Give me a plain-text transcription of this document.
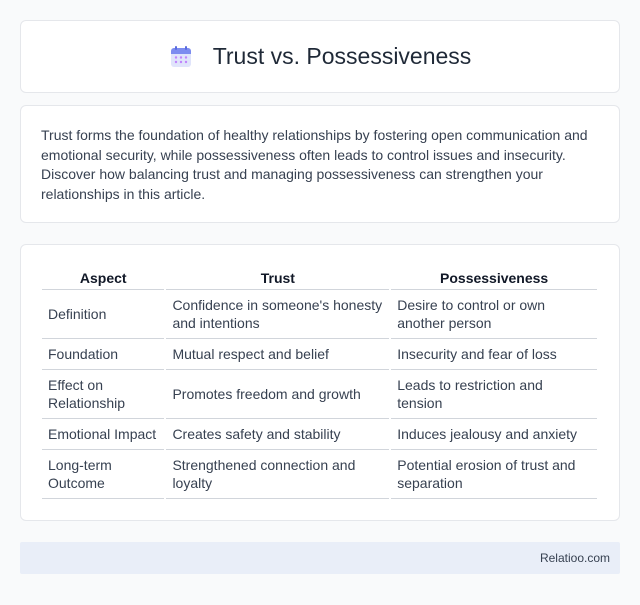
Trust vs. Possessiveness

Trust forms the foundation of healthy relationships by fostering open communication and emotional security, while possessiveness often leads to control issues and insecurity. Discover how balancing trust and managing possessiveness can strengthen your relationships in this article.

Aspect	Trust	Possessiveness
Definition	Confidence in someone's honesty and intentions	Desire to control or own another person
Foundation	Mutual respect and belief	Insecurity and fear of loss
Effect on Relationship	Promotes freedom and growth	Leads to restriction and tension
Emotional Impact	Creates safety and stability	Induces jealousy and anxiety
Long-term Outcome	Strengthened connection and loyalty	Potential erosion of trust and separation
Relatioo.com
